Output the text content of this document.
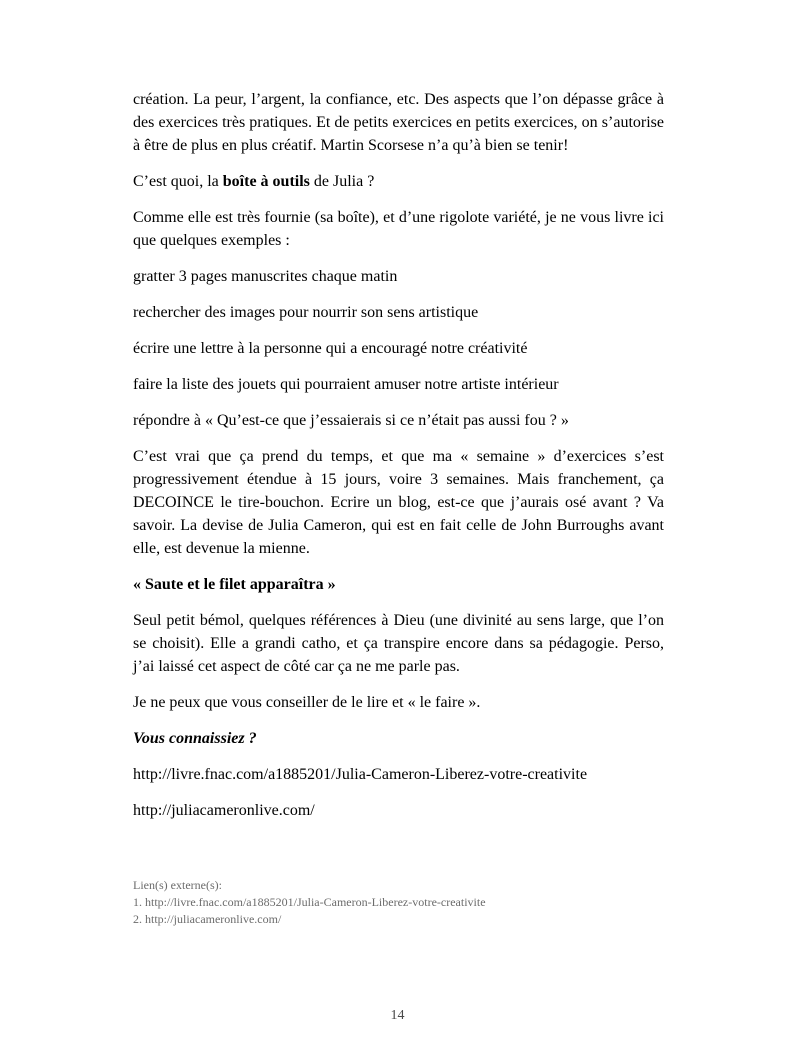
création. La peur, l’argent, la confiance, etc. Des aspects que l’on dépasse grâce à des exercices très pratiques. Et de petits exercices en petits exercices, on s’autorise à être de plus en plus créatif. Martin Scorsese n’a qu’à bien se tenir!

C’est quoi, la boîte à outils de Julia ?

Comme elle est très fournie (sa boîte), et d’une rigolote variété, je ne vous livre ici que quelques exemples :

gratter 3 pages manuscrites chaque matin

rechercher des images pour nourrir son sens artistique

écrire une lettre à la personne qui a encouragé notre créativité

faire la liste des jouets qui pourraient amuser notre artiste intérieur

répondre à « Qu’est-ce que j’essaierais si ce n’était pas aussi fou ? »

C’est vrai que ça prend du temps, et que ma « semaine » d’exercices s’est progressivement étendue à 15 jours, voire 3 semaines. Mais franchement, ça DECOINCE le tire-bouchon. Ecrire un blog, est-ce que j’aurais osé avant ? Va savoir. La devise de Julia Cameron, qui est en fait celle de John Burroughs avant elle, est devenue la mienne.

« Saute et le filet apparaîtra »

Seul petit bémol, quelques références à Dieu (une divinité au sens large, que l’on se choisit). Elle a grandi catho, et ça transpire encore dans sa pédagogie. Perso, j’ai laissé cet aspect de côté car ça ne me parle pas.

Je ne peux que vous conseiller de le lire et « le faire ».

Vous connaissiez ?

http://livre.fnac.com/a1885201/Julia-Cameron-Liberez-votre-creativite

http://juliacameronlive.com/

Lien(s) externe(s):
1. http://livre.fnac.com/a1885201/Julia-Cameron-Liberez-votre-creativite
2. http://juliacameronlive.com/
14
